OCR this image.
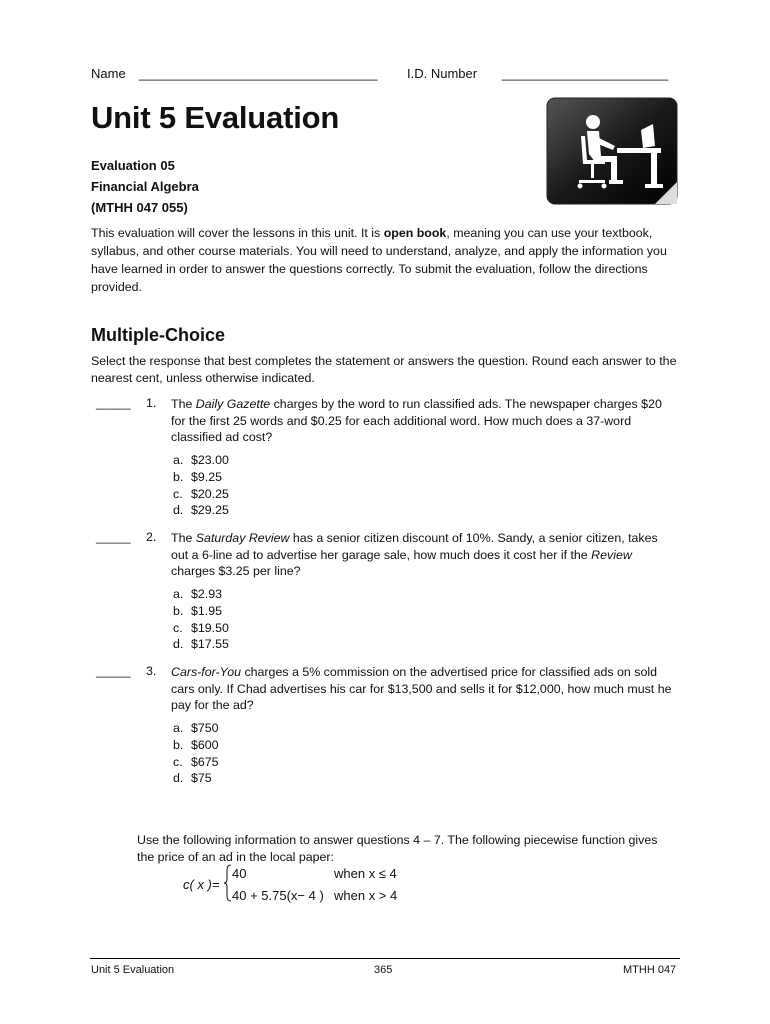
Name _________________________________ I.D. Number _______________________
Unit 5 Evaluation
Evaluation 05
Financial Algebra
(MTHH 047 055)
This evaluation will cover the lessons in this unit. It is open book, meaning you can use your textbook, syllabus, and other course materials. You will need to understand, analyze, and apply the information you have learned in order to answer the questions correctly. To submit the evaluation, follow the directions provided.
Multiple-Choice
Select the response that best completes the statement or answers the question. Round each answer to the nearest cent, unless otherwise indicated.
_____ 1. The Daily Gazette charges by the word to run classified ads. The newspaper charges $20 for the first 25 words and $0.25 for each additional word. How much does a 37-word classified ad cost?
a. $23.00
b. $9.25
c. $20.25
d. $29.25
_____ 2. The Saturday Review has a senior citizen discount of 10%. Sandy, a senior citizen, takes out a 6-line ad to advertise her garage sale, how much does it cost her if the Review charges $3.25 per line?
a. $2.93
b. $1.95
c. $19.50
d. $17.55
_____ 3. Cars-for-You charges a 5% commission on the advertised price for classified ads on sold cars only. If Chad advertises his car for $13,500 and sells it for $12,000, how much must he pay for the ad?
a. $750
b. $600
c. $675
d. $75
Use the following information to answer questions 4 – 7. The following piecewise function gives the price of an ad in the local paper:
c( x )=
40	when x ≤ 4
40 + 5.75(x− 4 ) when x > 4
Unit 5 Evaluation	365	MTHH 047
